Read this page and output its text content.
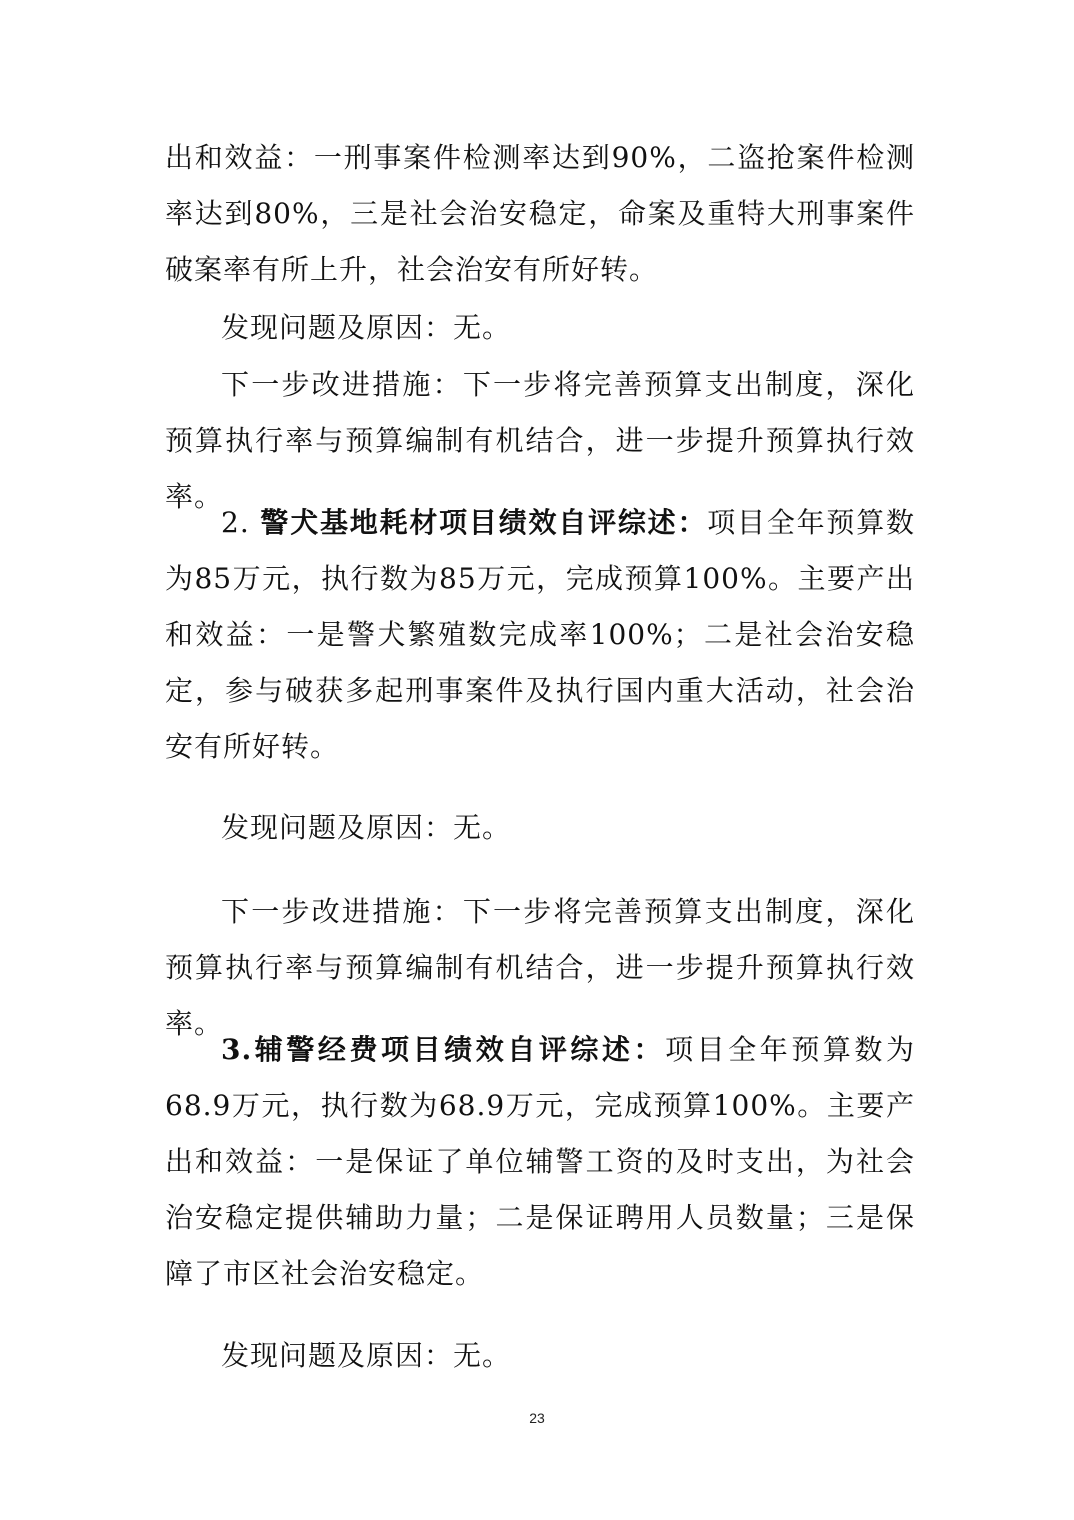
出和效益：一刑事案件检测率达到90%，二盗抢案件检测率达到80%，三是社会治安稳定，命案及重特大刑事案件破案率有所上升，社会治安有所好转。

发现问题及原因：无。

下一步改进措施：下一步将完善预算支出制度，深化预算执行率与预算编制有机结合，进一步提升预算执行效率。

2. 警犬基地耗材项目绩效自评综述：项目全年预算数为85万元，执行数为85万元，完成预算100%。主要产出和效益：一是警犬繁殖数完成率100%；二是社会治安稳定，参与破获多起刑事案件及执行国内重大活动，社会治安有所好转。

发现问题及原因：无。

下一步改进措施：下一步将完善预算支出制度，深化预算执行率与预算编制有机结合，进一步提升预算执行效率。

3.辅警经费项目绩效自评综述：项目全年预算数为68.9万元，执行数为68.9万元，完成预算100%。主要产出和效益：一是保证了单位辅警工资的及时支出，为社会治安稳定提供辅助力量；二是保证聘用人员数量；三是保障了市区社会治安稳定。

发现问题及原因：无。

23
